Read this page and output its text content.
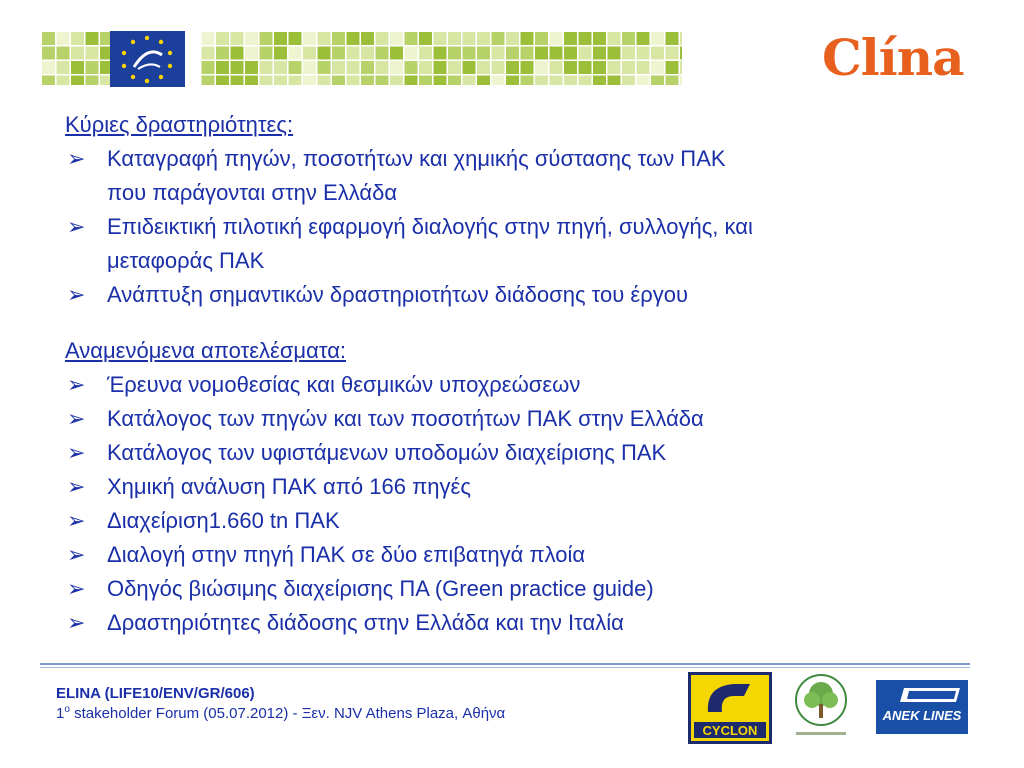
Clína
Κύριες δραστηριότητες:
➢ Καταγραφή πηγών, ποσοτήτων και χημικής σύστασης των ΠΑΚ
που παράγονται στην Ελλάδα
➢ Επιδεικτική πιλοτική εφαρμογή διαλογής στην πηγή, συλλογής, και
μεταφοράς ΠΑΚ
➢ Ανάπτυξη σημαντικών δραστηριοτήτων διάδοσης του έργου
Αναμενόμενα αποτελέσματα:
➢ Έρευνα νομοθεσίας και θεσμικών υποχρεώσεων
➢ Κατάλογος των πηγών και των ποσοτήτων ΠΑΚ στην Ελλάδα
➢ Κατάλογος των υφιστάμενων υποδομών διαχείρισης ΠΑΚ
➢ Χημική ανάλυση ΠΑΚ από 166 πηγές
➢ Διαχείριση1.660 tn ΠΑΚ
➢ Διαλογή στην πηγή ΠΑΚ σε δύο επιβατηγά πλοία
➢ Οδηγός βιώσιμης διαχείρισης ΠΑ (Green practice guide)
➢ Δραστηριότητες διάδοσης στην Ελλάδα και την Ιταλία
ELINA (LIFE10/ENV/GR/606)
$1^o$ stakeholder Forum (05.07.2012) - Ξεν. NJV Athens Plaza, Αθήνα
CYCLON
ANEK LINES
